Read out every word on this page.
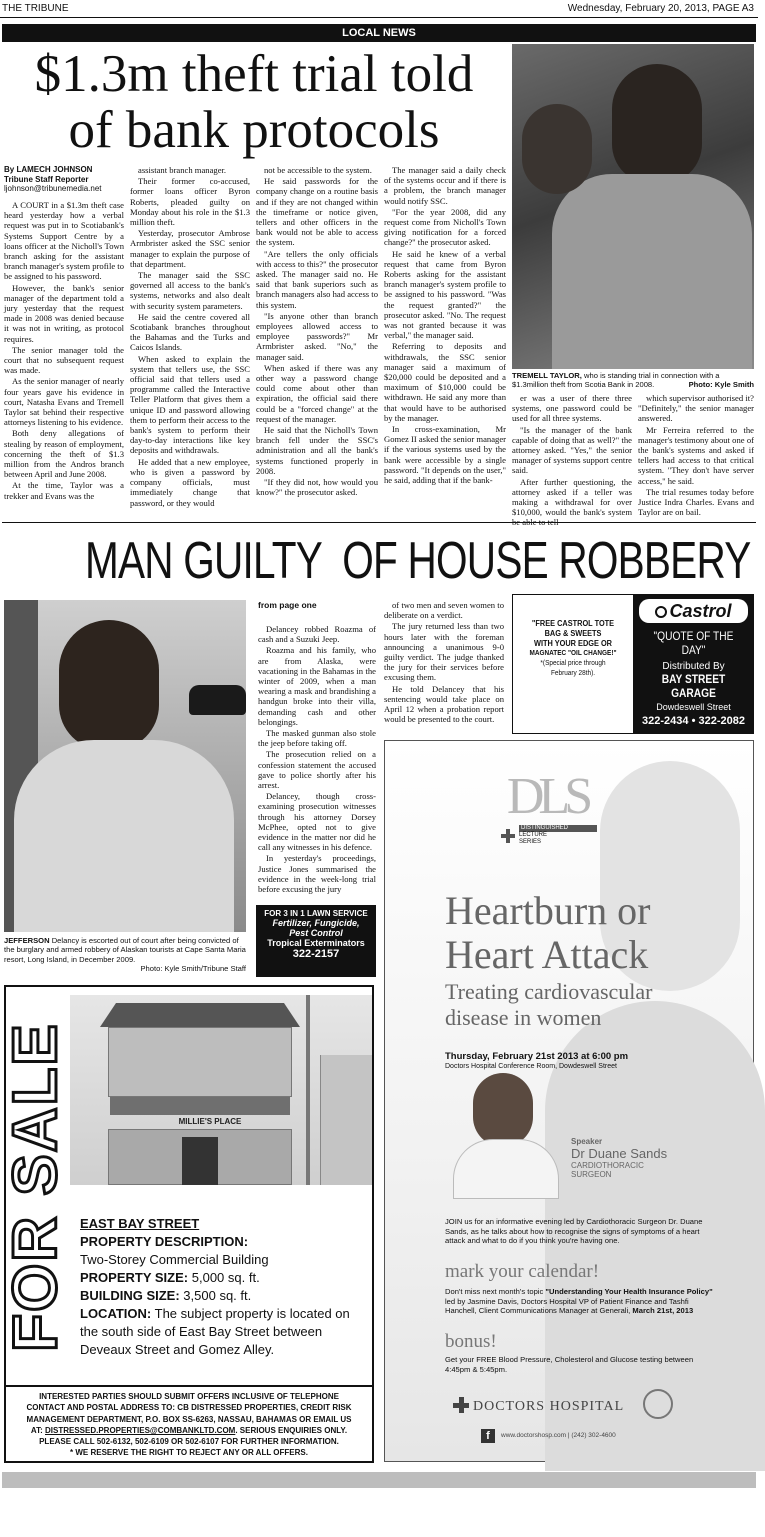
THE TRIBUNE	Wednesday, February 20, 2013, PAGE A3
LOCAL NEWS
$1.3m theft trial told
of bank protocols
By LAMECH JOHNSON
Tribune Staff Reporter
ljohnson@tribunemedia.net

A COURT in a $1.3m theft case heard yesterday how a verbal request was put in to Scotiabank's Systems Support Centre by a loans officer at the Nicholl's Town branch asking for the assistant branch manager's system profile to be assigned to his password.

However, the bank's senior manager of the department told a jury yesterday that the request made in 2008 was denied because it was not in writing, as protocol requires.

The senior manager told the court that no subsequent request was made.

As the senior manager of nearly four years gave his evidence in court, Natasha Evans and Tremell Taylor sat behind their respective attorneys listening to his evidence.

Both deny allegations of stealing by reason of employment, concerning the theft of $1.3 million from the Andros branch between April and June 2008.

At the time, Taylor was a trekker and Evans was the

assistant branch manager.

Their former co-accused, former loans officer Byron Roberts, pleaded guilty on Monday about his role in the $1.3 million theft.

Yesterday, prosecutor Ambrose Armbrister asked the SSC senior manager to explain the purpose of that department.

The manager said the SSC governed all access to the bank's systems, networks and also dealt with security system parameters.

He said the centre covered all Scotiabank branches throughout the Bahamas and the Turks and Caicos Islands.

When asked to explain the system that tellers use, the SSC official said that tellers used a programme called the Interactive Teller Platform that gives them a unique ID and password allowing them to perform their access to the bank's system to perform their day-to-day interactions like key deposits and withdrawals.

He added that a new employee, who is given a password by company officials, must immediately change that password, or they would

not be accessible to the system.

He said passwords for the company change on a routine basis and if they are not changed within the timeframe or notice given, tellers and other officers in the bank would not be able to access the system.

"Are tellers the only officials with access to this?" the prosecutor asked. The manager said no. He said that bank superiors such as branch managers also had access to this system.

"Is anyone other than branch employees allowed access to employee passwords?" Mr Armbrister asked. "No," the manager said.

When asked if there was any other way a password change could come about other than expiration, the official said there could be a "forced change" at the request of the manager.

He said that the Nicholl's Town branch fell under the SSC's administration and all the bank's systems functioned properly in 2008.

"If they did not, how would you know?" the prosecutor asked.

The manager said a daily check of the systems occur and if there is a problem, the branch manager would notify SSC.

"For the year 2008, did any request come from Nicholl's Town giving notification for a forced change?" the prosecutor asked.

He said he knew of a verbal request that came from Byron Roberts asking for the assistant branch manager's system profile to be assigned to his password. "Was the request granted?" the prosecutor asked. "No. The request was not granted because it was verbal," the manager said.

Referring to deposits and withdrawals, the SSC senior manager said a maximum of $20,000 could be deposited and a maximum of $10,000 could be withdrawn. He said any more than that would have to be authorised by the manager.

In cross-examination, Mr Gomez II asked the senior manager if the various systems used by the bank were accessible by a single password. "It depends on the user," he said, adding that if the bank-

er was a user of there three systems, one password could be used for all three systems.

"Is the manager of the bank capable of doing that as well?" the attorney asked. "Yes," the senior manager of systems support centre said.

After further questioning, the attorney asked if a teller was making a withdrawal for over $10,000, would the bank's system

which supervisor authorised it? "Definitely," the senior manager answered.

Mr Ferreira referred to the manager's testimony about one of the bank's systems and asked if tellers had access to that critical system. "They don't have server access," he said.

The trial resumes today before Justice Indra Charles. Evans and Taylor are on bail.

TREMELL TAYLOR, who is standing trial in connection with a $1.3million theft from Scotia Bank in 2008.	Photo: Kyle Smith
MAN GUILTY  OF HOUSE ROBBERY
JEFFERSON Delancy is escorted out of court after being convicted of the burglary and armed robbery of Alaskan tourists at Cape Santa Maria resort, Long Island, in December 2009.
Photo: Kyle Smith/Tribune Staff
from page one

Delancey robbed Roazma of cash and a Suzuki Jeep.

Roazma and his family, who are from Alaska, were vacationing in the Bahamas in the winter of 2009, when a man wearing a mask and brandishing a handgun broke into their villa, demanding cash and other belongings.

The masked gunman also stole the jeep before taking off.

The prosecution relied on a confession statement the accused gave to police shortly after his arrest.

Delancey, though cross-examining prosecution witnesses through his attorney Dorsey McPhee, opted not to give evidence in the matter nor did he call any witnesses in his defence.

In yesterday's proceedings, Justice Jones summarised the evidence in the week-long trial before excusing the jury

of two men and seven women to deliberate on a verdict.

The jury returned less than two hours later with the foreman announcing a unanimous 9-0 guilty verdict. The judge thanked the jury for their services before excusing them.

He told Delancey that his sentencing would take place on April 12 when a probation report would be presented to the court.

FOR 3 IN 1 LAWN SERVICE
Fertilizer, Fungicide,
Pest Control
Tropical Exterminators
322-2157
"FREE CASTROL TOTE
BAG & SWEETS
WITH YOUR EDGE OR
MAGNATEC "OIL CHANGE!"
*(Special price through
February 28th).
Castrol
"QUOTE OF THE DAY"
Distributed By
BAY STREET GARAGE
Dowdeswell Street
322-2434 • 322-2082
FOR SALE	MILLIE'S PLACE
EAST BAY STREET
PROPERTY DESCRIPTION:
Two-Storey Commercial Building
PROPERTY SIZE: 5,000 sq. ft.
BUILDING SIZE: 3,500 sq. ft.
LOCATION: The subject property is located on the south side of East Bay Street between Deveaux Street and Gomez Alley.
INTERESTED PARTIES SHOULD SUBMIT OFFERS INCLUSIVE OF TELEPHONE
CONTACT AND POSTAL ADDRESS TO: CB DISTRESSED PROPERTIES, CREDIT RISK
MANAGEMENT DEPARTMENT, P.O. BOX SS-6263, NASSAU, BAHAMAS OR EMAIL US
AT: DISTRESSED.PROPERTIES@COMBANKLTD.COM. SERIOUS ENQUIRIES ONLY.
PLEASE CALL 502-6132, 502-6109 OR 502-6107 FOR FURTHER INFORMATION.
* WE RESERVE THE RIGHT TO REJECT ANY OR ALL OFFERS.
DLS
DISTINGUISHED
LECTURE
SERIES
Heartburn or
Heart Attack
Treating cardiovascular
disease in women
Thursday, February 21st 2013 at 6:00 pm
Doctors Hospital Conference Room, Dowdeswell Street
Speaker
Dr Duane Sands
CARDIOTHORACIC
SURGEON
JOIN us for an informative evening led by Cardiothoracic Surgeon Dr. Duane Sands, as he talks about how to recognise the signs of symptoms of a heart attack and what to do if you think you're having one.
mark your calendar!
Don't miss next month's topic "Understanding Your Health Insurance Policy" led by Jasmine Davis, Doctors Hospital VP of Patient Finance and Tashfi Hanchell, Client Communications Manager at Generali, March 21st, 2013
bonus!
Get your FREE Blood Pressure, Cholesterol and Glucose testing between 4:45pm & 5:45pm.
DOCTORS HOSPITAL
f	www.doctorshosp.com | (242) 302-4600
